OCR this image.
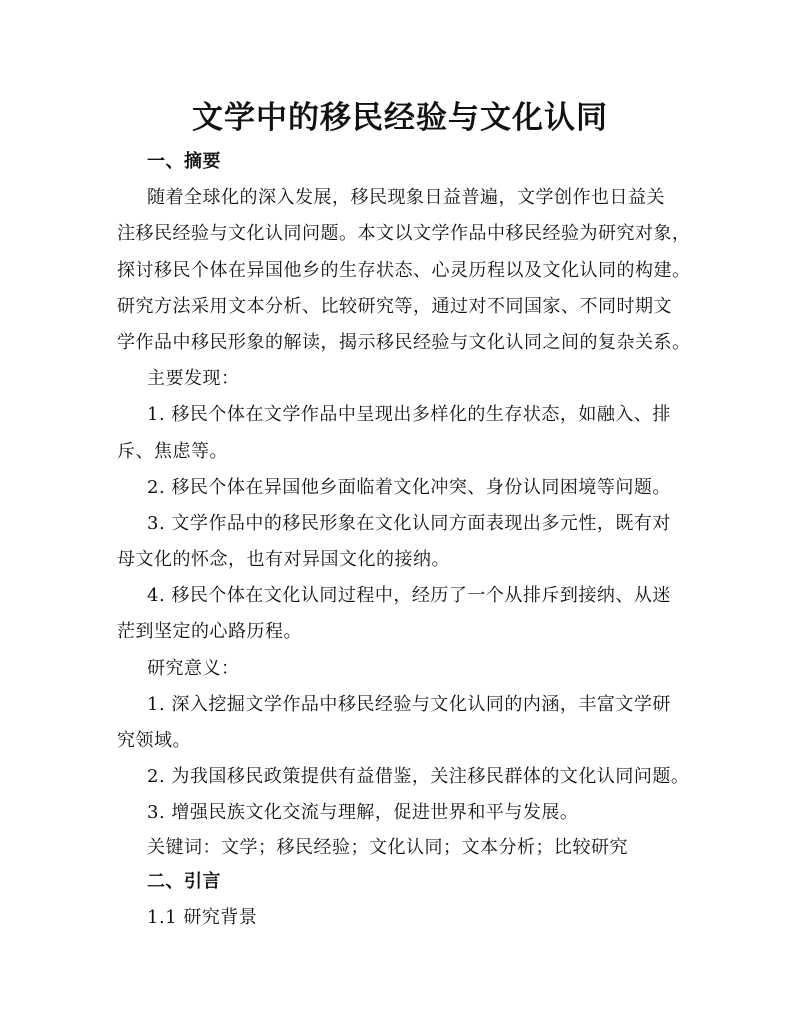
文学中的移民经验与文化认同
一、摘要
随着全球化的深入发展，移民现象日益普遍，文学创作也日益关
注移民经验与文化认同问题。本文以文学作品中移民经验为研究对象，
探讨移民个体在异国他乡的生存状态、心灵历程以及文化认同的构建。
研究方法采用文本分析、比较研究等，通过对不同国家、不同时期文
学作品中移民形象的解读，揭示移民经验与文化认同之间的复杂关系。
主要发现：
1. 移民个体在文学作品中呈现出多样化的生存状态，如融入、排
斥、焦虑等。
2. 移民个体在异国他乡面临着文化冲突、身份认同困境等问题。
3. 文学作品中的移民形象在文化认同方面表现出多元性，既有对
母文化的怀念，也有对异国文化的接纳。
4. 移民个体在文化认同过程中，经历了一个从排斥到接纳、从迷
茫到坚定的心路历程。
研究意义：
1. 深入挖掘文学作品中移民经验与文化认同的内涵，丰富文学研
究领域。
2. 为我国移民政策提供有益借鉴，关注移民群体的文化认同问题。
3. 增强民族文化交流与理解，促进世界和平与发展。
关键词：文学；移民经验；文化认同；文本分析；比较研究
二、引言
1.1 研究背景
